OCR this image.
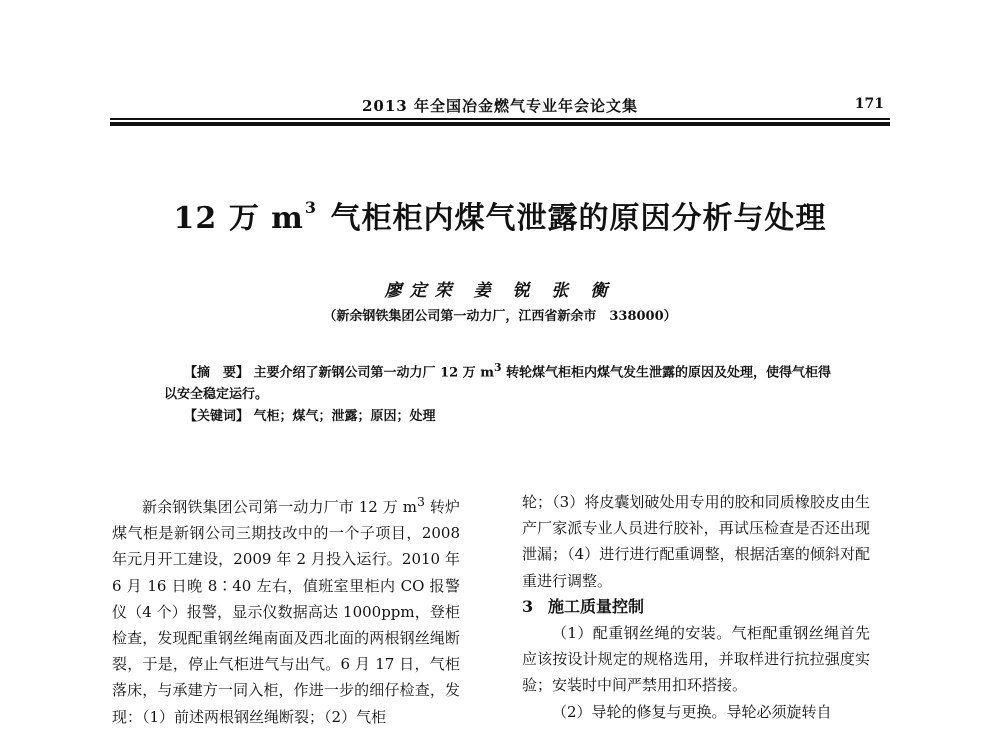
2013 年全国冶金燃气专业年会论文集	171
12 万 $m^3$ 气柜柜内煤气泄露的原因分析与处理
廖定荣 姜 锐 张 衡
（新余钢铁集团公司第一动力厂，江西省新余市　338000）

【摘　要】 主要介绍了新钢公司第一动力厂 12 万 $m^3$ 转轮煤气柜柜内煤气发生泄露的原因及处理，使得气柜得以安全稳定运行。

【关键词】 气柜；煤气；泄露；原因；处理

新余钢铁集团公司第一动力厂市 12 万 $m^3$ 转炉煤气柜是新钢公司三期技改中的一个子项目，2008 年元月开工建设，2009 年 2 月投入运行。2010 年6 月 16 日晚 8∶40 左右，值班室里柜内 CO 报警仪（4 个）报警，显示仪数据高达 1000ppm，登柜检查，发现配重钢丝绳南面及西北面的两根钢丝绳断裂，于是，停止气柜进气与出气。6 月 17 日，气柜落床，与承建方一同入柜，作进一步的细仔检查，发现：（1）前述两根钢丝绳断裂；（2）气柜

轮；（3）将皮囊划破处用专用的胶和同质橡胶皮由生产厂家派专业人员进行胶补，再试压检查是否还出现泄漏；（4）进行进行配重调整，根据活塞的倾斜对配重进行调整。

3 施工质量控制

（1）配重钢丝绳的安装。气柜配重钢丝绳首先应该按设计规定的规格选用，并取样进行抗拉强度实验；安装时中间严禁用扣环搭接。

（2）导轮的修复与更换。导轮必须旋转自
